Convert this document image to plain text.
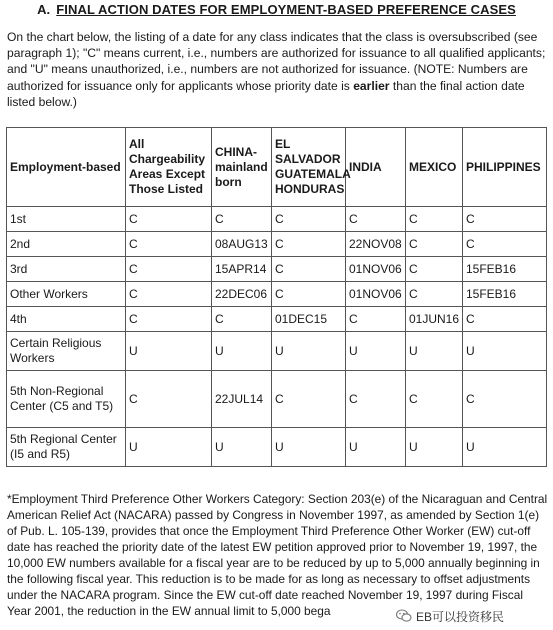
A. FINAL ACTION DATES FOR EMPLOYMENT-BASED PREFERENCE CASES
On the chart below, the listing of a date for any class indicates that the class is oversubscribed (see paragraph 1); "C" means current, i.e., numbers are authorized for issuance to all qualified applicants; and "U" means unauthorized, i.e., numbers are not authorized for issuance. (NOTE: Numbers are authorized for issuance only for applicants whose priority date is earlier than the final action date listed below.)
Employment-based	All Chargeability Areas Except Those Listed	CHINA-mainland born	EL SALVADOR GUATEMALA HONDURAS	INDIA	MEXICO	PHILIPPINES
1st	C	C	C	C	C	C
2nd	C	08AUG13	C	22NOV08	C	C
3rd	C	15APR14	C	01NOV06	C	15FEB16
Other Workers	C	22DEC06	C	01NOV06	C	15FEB16
4th	C	C	01DEC15	C	01JUN16	C
Certain Religious Workers	U	U	U	U	U	U
5th Non-Regional Center (C5 and T5)	C	22JUL14	C	C	C	C
5th Regional Center (I5 and R5)	U	U	U	U	U	U
*Employment Third Preference Other Workers Category: Section 203(e) of the Nicaraguan and Central American Relief Act (NACARA) passed by Congress in November 1997, as amended by Section 1(e) of Pub. L. 105-139, provides that once the Employment Third Preference Other Worker (EW) cut-off date has reached the priority date of the latest EW petition approved prior to November 19, 1997, the 10,000 EW numbers available for a fiscal year are to be reduced by up to 5,000 annually beginning in the following fiscal year. This reduction is to be made for as long as necessary to offset adjustments under the NACARA program. Since the EW cut-off date reached November 19, 1997 during Fiscal Year 2001, the reduction in the EW annual limit to 5,000 bega	EB可以投资移民
